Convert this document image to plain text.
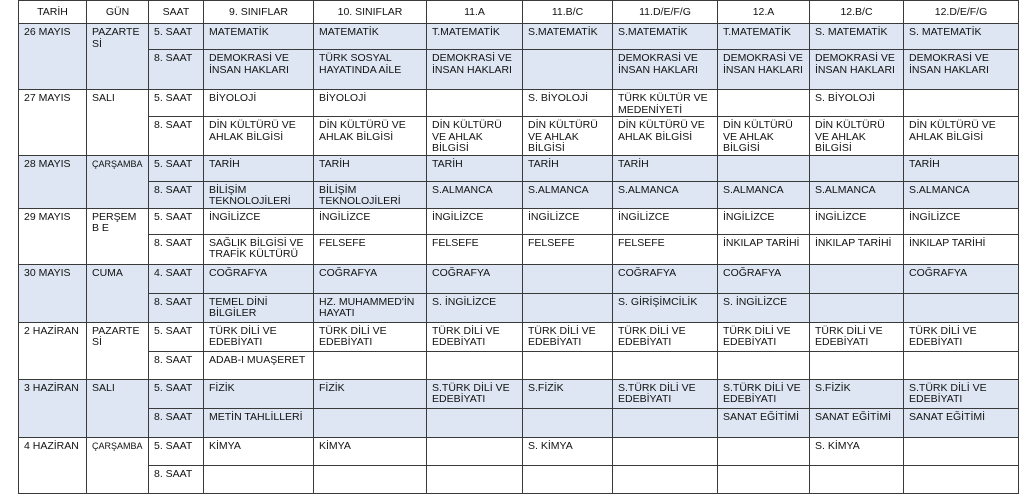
TARİH	GÜN	SAAT	9. SINIFLAR	10. SINIFLAR	11.A	11.B/C	11.D/E/F/G	12.A	12.B/C	12.D/E/F/G
26 MAYIS	PAZARTE Sİ	5. SAAT	MATEMATİK	MATEMATİK	T.MATEMATİK	S.MATEMATİK	S.MATEMATİK	T.MATEMATİK	S. MATEMATİK	S. MATEMATİK
		8. SAAT	DEMOKRASİ VE İNSAN HAKLARI	TÜRK SOSYAL HAYATINDA AİLE	DEMOKRASİ VE İNSAN HAKLARI		DEMOKRASİ VE İNSAN HAKLARI	DEMOKRASİ VE İNSAN HAKLARI	DEMOKRASİ VE İNSAN HAKLARI	DEMOKRASİ VE İNSAN HAKLARI
27 MAYIS	SALI	5. SAAT	BİYOLOJİ	BİYOLOJİ		S. BİYOLOJİ	TÜRK KÜLTÜR VE MEDENİYETİ		S. BİYOLOJİ	
		8. SAAT	DİN KÜLTÜRÜ VE AHLAK BİLGİSİ	DİN KÜLTÜRÜ VE AHLAK BİLGİSİ	DİN KÜLTÜRÜ VE AHLAK BİLGİSİ	DİN KÜLTÜRÜ VE AHLAK BİLGİSİ	DİN KÜLTÜRÜ VE AHLAK BİLGİSİ	DİN KÜLTÜRÜ VE AHLAK BİLGİSİ	DİN KÜLTÜRÜ VE AHLAK BİLGİSİ	DİN KÜLTÜRÜ VE AHLAK BİLGİSİ
28 MAYIS	ÇARŞAMBA	5. SAAT	TARİH	TARİH	TARİH	TARİH	TARİH			TARİH
		8. SAAT	BİLİŞİM TEKNOLOJİLERİ	BİLİŞİM TEKNOLOJİLERİ	S.ALMANCA	S.ALMANCA	S.ALMANCA	S.ALMANCA	S.ALMANCA	S.ALMANCA
29 MAYIS	PERŞEMB E	5. SAAT	İNGİLİZCE	İNGİLİZCE	İNGİLİZCE	İNGİLİZCE	İNGİLİZCE	İNGİLİZCE	İNGİLİZCE	İNGİLİZCE
		8. SAAT	SAĞLIK BİLGİSİ VE TRAFİK KÜLTÜRÜ	FELSEFE	FELSEFE	FELSEFE	FELSEFE	İNKILAP TARİHİ	İNKILAP TARİHİ	İNKILAP TARİHİ
30 MAYIS	CUMA	4. SAAT	COĞRAFYA	COĞRAFYA	COĞRAFYA		COĞRAFYA	COĞRAFYA		COĞRAFYA
		8. SAAT	TEMEL DİNİ BİLGİLER	HZ. MUHAMMED'İN HAYATI	S. İNGİLİZCE		S. GİRİŞİMCİLİK	S. İNGİLİZCE		
2 HAZİRAN	PAZARTE Sİ	5. SAAT	TÜRK DİLİ VE EDEBİYATI	TÜRK DİLİ VE EDEBİYATI	TÜRK DİLİ VE EDEBİYATI	TÜRK DİLİ VE EDEBİYATI	TÜRK DİLİ VE EDEBİYATI	TÜRK DİLİ VE EDEBİYATI	TÜRK DİLİ VE EDEBİYATI	TÜRK DİLİ VE EDEBİYATI
		8. SAAT	ADAB-I MUAŞERET							
3 HAZİRAN	SALI	5. SAAT	FİZİK	FİZİK	S.TÜRK DİLİ VE EDEBİYATI	S.FİZİK	S.TÜRK DİLİ VE EDEBİYATI	S.TÜRK DİLİ VE EDEBİYATI	S.FİZİK	S.TÜRK DİLİ VE EDEBİYATI
		8. SAAT	METİN TAHLİLLERİ					SANAT EĞİTİMİ	SANAT EĞİTİMİ	SANAT EĞİTİMİ
4 HAZİRAN	ÇARŞAMBA	5. SAAT	KİMYA	KİMYA		S. KİMYA			S. KİMYA	
		8. SAAT								
